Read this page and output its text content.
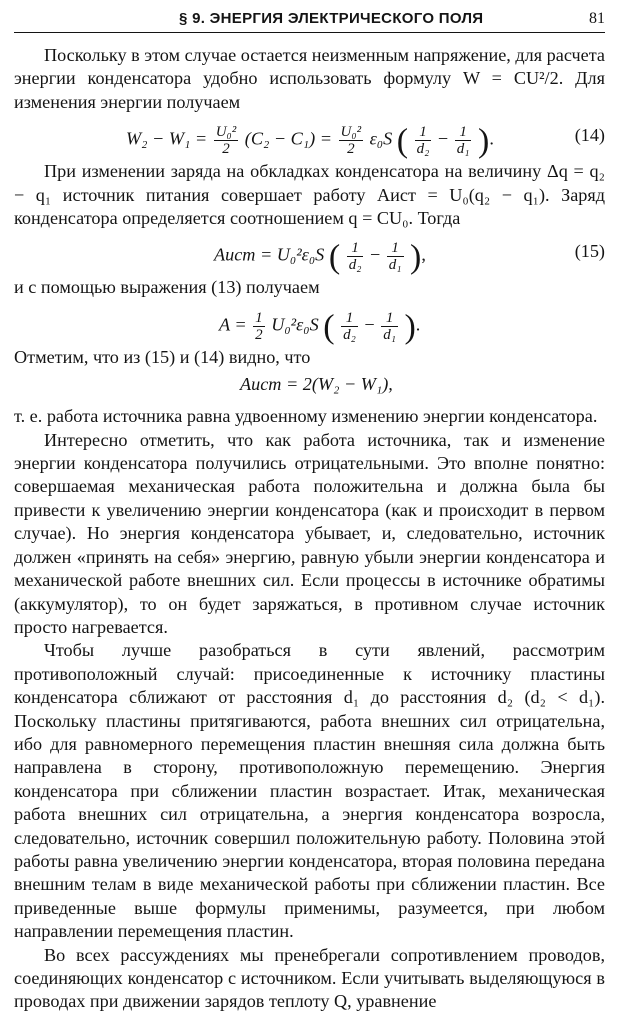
§ 9. ЭНЕРГИЯ ЭЛЕКТРИЧЕСКОГО ПОЛЯ	81

Поскольку в этом случае остается неизменным напряжение, для расчета энергии конденсатора удобно использовать формулу W = CU²/2. Для изменения энергии получаем

$W_2 - W_1 = \frac{\text{U₀²}}{2} (C_2 - C_1) = \frac{\text{U₀²}}{2} \varepsilon_0S$ ( $\frac{1}{\text{d₂}} - \frac{1}{\text{d₁}}$ ).	(14)

При изменении заряда на обкладках конденсатора на величину Δq = q₂ − q₁ источник питания совершает работу Aист = U₀(q₂ − q₁). Заряд конденсатора определяется соотношением q = CU₀. Тогда

Aист = U₀²ε₀S ( $\frac{1}{\text{d₂}} - \frac{1}{\text{d₁}}$ ),	(15)

и с помощью выражения (13) получаем

$A = \frac{1}{2} U_0^2\varepsilon_0S$ ( $\frac{1}{\text{d₂}} - \frac{1}{\text{d₁}}$ ).

Отметим, что из (15) и (14) видно, что

Aист = 2(W₂ − W₁),

т. е. работа источника равна удвоенному изменению энергии конденсатора.

Интересно отметить, что как работа источника, так и изменение энергии конденсатора получились отрицательными. Это вполне понятно: совершаемая механическая работа положительна и должна была бы привести к увеличению энергии конденсатора (как и происходит в первом случае). Но энергия конденсатора убывает, и, следовательно, источник должен «принять на себя» энергию, равную убыли энергии конденсатора и механической работе внешних сил. Если процессы в источнике обратимы (аккумулятор), то он будет заряжаться, в противном случае источник просто нагревается.

Чтобы лучше разобраться в сути явлений, рассмотрим противоположный случай: присоединенные к источнику пластины конденсатора сближают от расстояния d₁ до расстояния d₂ (d₂ < d₁). Поскольку пластины притягиваются, работа внешних сил отрицательна, ибо для равномерного перемещения пластин внешняя сила должна быть направлена в сторону, противоположную перемещению. Энергия конденсатора при сближении пластин возрастает. Итак, механическая работа внешних сил отрицательна, а энергия конденсатора возросла, следовательно, источник совершил положительную работу. Половина этой работы равна увеличению энергии конденсатора, вторая половина передана внешним телам в виде механической работы при сближении пластин. Все приведенные выше формулы применимы, разумеется, при любом направлении перемещения пластин.

Во всех рассуждениях мы пренебрегали сопротивлением проводов, соединяющих конденсатор с источником. Если учитывать выделяющуюся в проводах при движении зарядов теплоту Q, уравнение
